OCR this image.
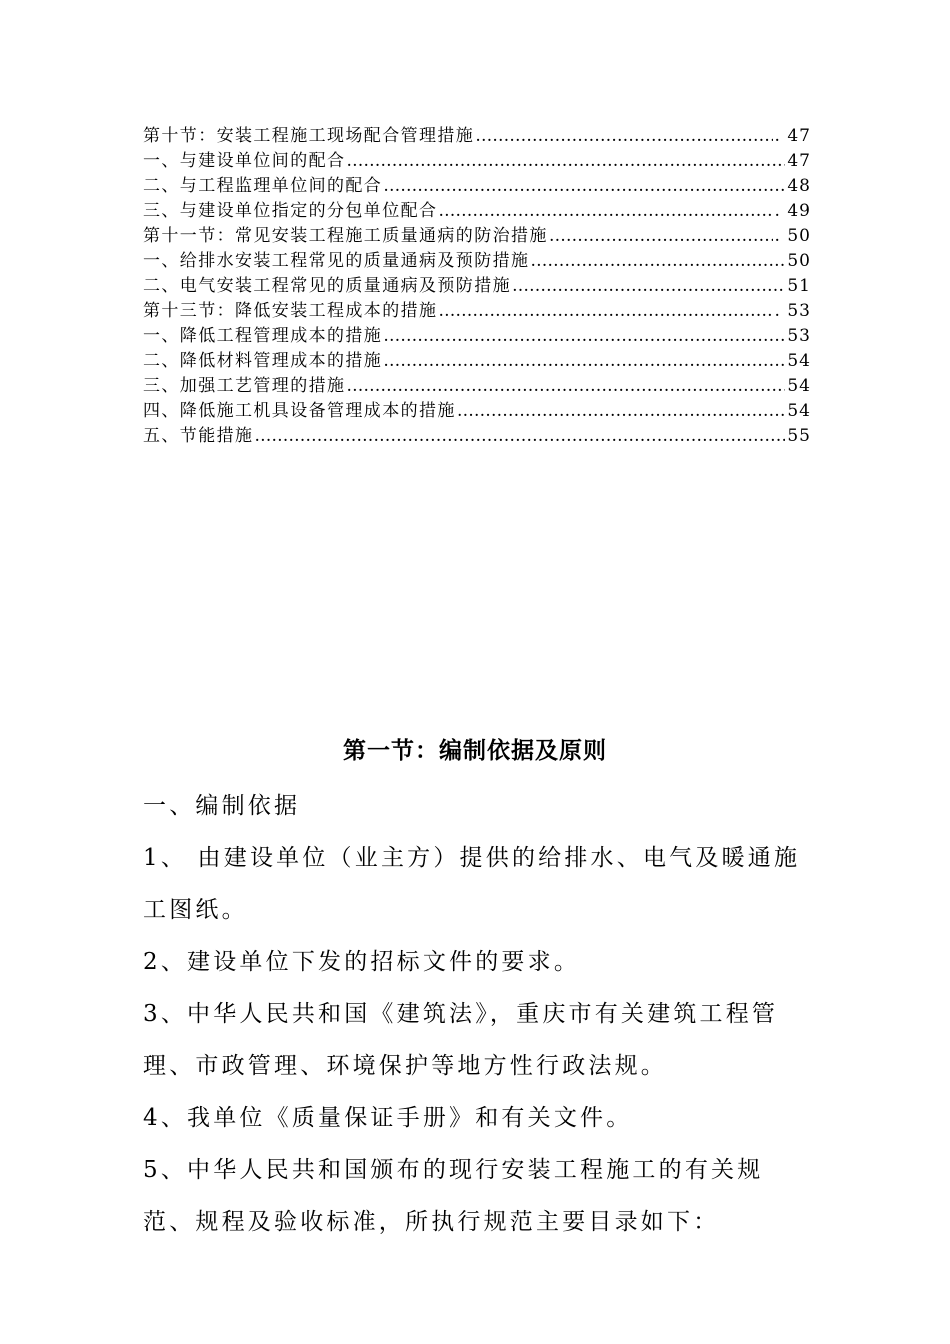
第十节：安装工程施工现场配合管理措施 …………………………………………………………………………………………………………………………………………………………………………………………………	. 47
一、与建设单位间的配合 …………………………………………………………………………………………………………………………………………………………………………………………………	47
二、与工程监理单位间的配合 …………………………………………………………………………………………………………………………………………………………………………………………………	48
三、与建设单位指定的分包单位配合 …………………………………………………………………………………………………………………………………………………………………………………………………	. 49
第十一节：常见安装工程施工质量通病的防治措施 …………………………………………………………………………………………………………………………………………………………………………………………………	. 50
一、给排水安装工程常见的质量通病及预防措施 …………………………………………………………………………………………………………………………………………………………………………………………………	50
二、电气安装工程常见的质量通病及预防措施 …………………………………………………………………………………………………………………………………………………………………………………………………	51
第十三节：降低安装工程成本的措施 …………………………………………………………………………………………………………………………………………………………………………………………………	. 53
一、降低工程管理成本的措施 …………………………………………………………………………………………………………………………………………………………………………………………………	53
二、降低材料管理成本的措施 …………………………………………………………………………………………………………………………………………………………………………………………………	54
三、加强工艺管理的措施 …………………………………………………………………………………………………………………………………………………………………………………………………	54
四、降低施工机具设备管理成本的措施 …………………………………………………………………………………………………………………………………………………………………………………………………	54
五、节能措施 …………………………………………………………………………………………………………………………………………………………………………………………………	55
第一节：编制依据及原则

一、编制依据

1、 由建设单位（业主方）提供的给排水、电气及暖通施工图纸。

2、建设单位下发的招标文件的要求。

3、中华人民共和国《建筑法》，重庆市有关建筑工程管理、市政管理、环境保护等地方性行政法规。

4、我单位《质量保证手册》和有关文件。

5、中华人民共和国颁布的现行安装工程施工的有关规范、规程及验收标准，所执行规范主要目录如下：
